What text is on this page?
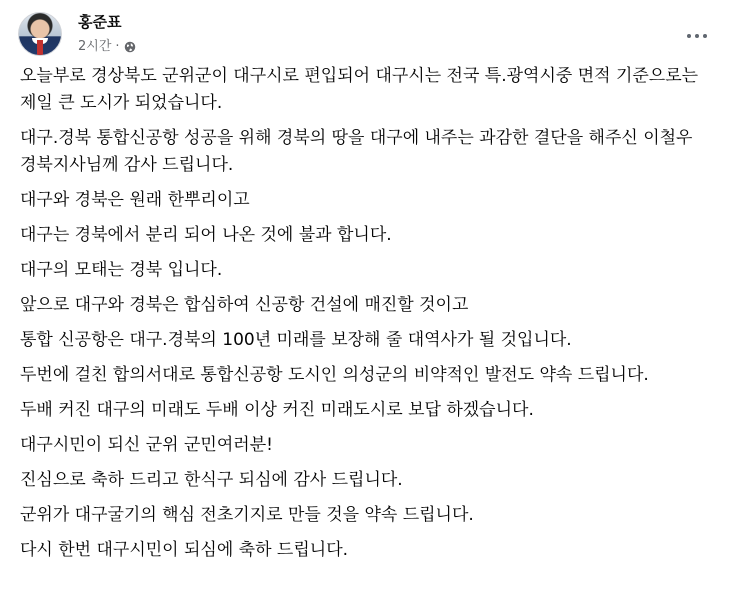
홍준표
2시간 ·

오늘부로 경상북도 군위군이 대구시로 편입되어 대구시는 전국 특.광역시중 면적 기준으로는 제일 큰 도시가 되었습니다.

대구.경북 통합신공항 성공을 위해 경북의 땅을 대구에 내주는 과감한 결단을 해주신 이철우 경북지사님께 감사 드립니다.

대구와 경북은 원래 한뿌리이고

대구는 경북에서 분리 되어 나온 것에 불과 합니다.

대구의 모태는 경북 입니다.

앞으로 대구와 경북은 합심하여 신공항 건설에 매진할 것이고

통합 신공항은 대구.경북의 100년 미래를 보장해 줄 대역사가 될 것입니다.

두번에 걸친 합의서대로 통합신공항 도시인 의성군의 비약적인 발전도 약속 드립니다.

두배 커진 대구의 미래도 두배 이상 커진 미래도시로 보답 하겠습니다.

대구시민이 되신 군위 군민여러분!

진심으로 축하 드리고 한식구 되심에 감사 드립니다.

군위가 대구굴기의 핵심 전초기지로 만들 것을 약속 드립니다.

다시 한번 대구시민이 되심에 축하 드립니다.
